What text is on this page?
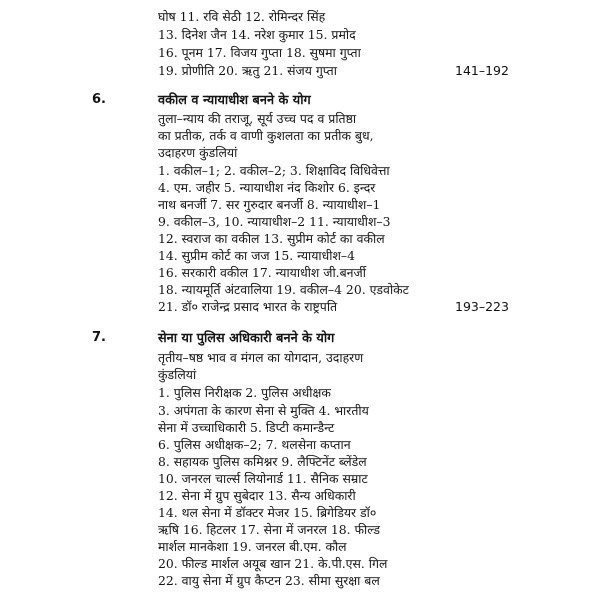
घोष 11. रवि सेठी 12. रोमिन्दर सिंह
13. दिनेश जैन 14. नरेश कुमार 15. प्रमोद
16. पूनम 17. विजय गुप्ता 18. सुषमा गुप्ता
19. प्रोणीति 20. ऋतु 21. संजय गुप्ता	141–192
6.	वकील व न्यायाधीश बनने के योग
तुला–न्याय की तराजू, सूर्य उच्च पद व प्रतिष्ठा
का प्रतीक, तर्क व वाणी कुशलता का प्रतीक बुध,
उदाहरण कुंडलियां
1. वकील–1; 2. वकील–2; 3. शिक्षाविद विधिवेत्ता
4. एम. जहीर 5. न्यायाधीश नंद किशोर 6. इन्दर
नाथ बनर्जी 7. सर गुरुदार बनर्जी 8. न्यायाधीश–1
9. वकील–3, 10. न्यायाधीश–2 11. न्यायाधीश–3
12. स्वराज का वकील 13. सुप्रीम कोर्ट का वकील
14. सुप्रीम कोर्ट का जज 15. न्यायाधीश–4
16. सरकारी वकील 17. न्यायाधीश जी.बनर्जी
18. न्यायमूर्ति अंटवालिया 19. वकील–4 20. एडवोकेट
21. डॉ० राजेन्द्र प्रसाद भारत के राष्ट्रपति	193–223
7.	सेना या पुलिस अधिकारी बनने के योग
तृतीय–षष्ठ भाव व मंगल का योगदान, उदाहरण
कुंडलियां
1. पुलिस निरीक्षक 2. पुलिस अधीक्षक
3. अपंगता के कारण सेना से मुक्ति 4. भारतीय
सेना में उच्चाधिकारी 5. डिप्टी कमान्डैन्ट
6. पुलिस अधीक्षक–2; 7. थलसेना कप्तान
8. सहायक पुलिस कमिश्नर 9. लैफ्टिनेंट ब्लेंडेल
10. जनरल चार्ल्स लियोनार्ड 11. सैनिक सम्राट
12. सेना में ग्रुप सुबेदार 13. सैन्य अधिकारी
14. थल सेना में डॉक्टर मेजर 15. ब्रिगेडियर डॉ०
ऋषि 16. हिटलर 17. सेना में जनरल 18. फील्ड
मार्शल मानकेशा 19. जनरल बी.एम. कौल
20. फील्ड मार्शल अयूब खान 21. के.पी.एस. गिल
22. वायु सेना में ग्रुप कैप्टन 23. सीमा सुरक्षा बल
